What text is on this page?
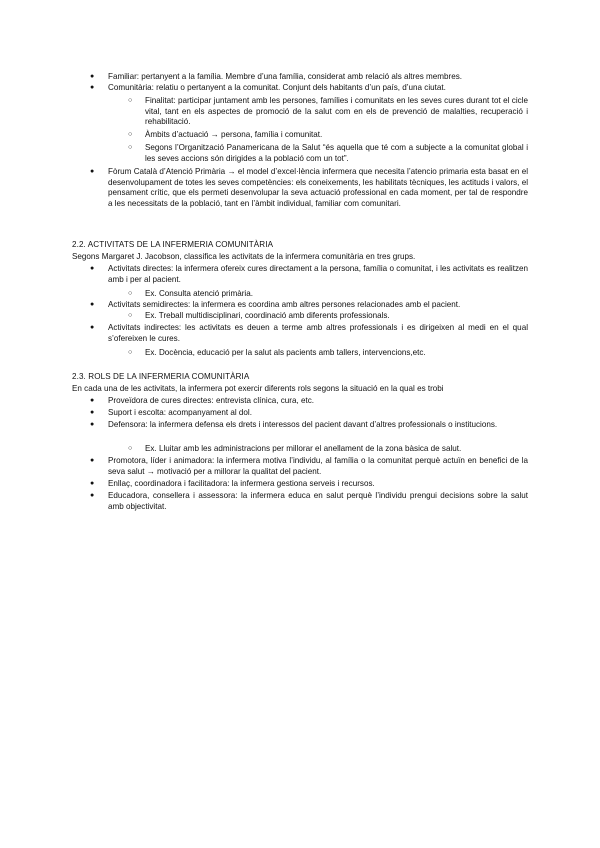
● Familiar: pertanyent a la família. Membre d’una família, considerat amb relació als altres membres.
● Comunitària: relatiu o pertanyent a la comunitat. Conjunt dels habitants d’un país, d’una ciutat.
○ Finalitat: participar juntament amb les persones, famílies i comunitats en les seves cures durant tot el cicle vital, tant en els aspectes de promoció de la salut com en els de prevenció de malalties, recuperació i rehabilitació.
○ Àmbits d’actuació → persona, família i comunitat.
○ Segons l’Organització Panamericana de la Salut “és aquella que té com a subjecte a la comunitat global i les seves accions són dirigides a la població com un tot”.
● Fòrum Català d’Atenció Primària → el model d’excel·lència infermera que necesita l’atencio primaria esta basat en el desenvolupament de totes les seves competències: els coneixements, les habilitats tècniques, les actituds i valors, el pensament crític, que els permeti desenvolupar la seva actuació professional en cada moment, per tal de respondre a les necessitats de la població, tant en l’àmbit individual, familiar com comunitari.
2.2. ACTIVITATS DE LA INFERMERIA COMUNITÀRIA
Segons Margaret J. Jacobson, classifica les activitats de la infermera comunitària en tres grups.
● Activitats directes: la infermera ofereix cures directament a la persona, família o comunitat, i les activitats es realitzen amb i per al pacient.
○ Ex. Consulta atenció primària.
● Activitats semidirectes: la infermera es coordina amb altres persones relacionades amb el pacient.
○ Ex. Treball multidisciplinari, coordinació amb diferents professionals.
● Activitats indirectes: les activitats es deuen a terme amb altres professionals i es dirigeixen al medi en el qual s’ofereixen le cures.
○ Ex. Docència, educació per la salut als pacients amb tallers, intervencions,etc.
2.3. ROLS DE LA INFERMERIA COMUNITÀRIA
En cada una de les activitats, la infermera pot exercir diferents rols segons la situació en la qual es trobi
● Proveïdora de cures directes: entrevista clínica, cura, etc.
● Suport i escolta: acompanyament al dol.
● Defensora: la infermera defensa els drets i interessos del pacient davant d’altres professionals o institucions.
○ Ex. Lluitar amb les administracions per millorar el anellament de la zona bàsica de salut.
● Promotora, líder i animadora: la infermera motiva l’individu, al família o la comunitat perquè actuïn en benefici de la seva salut → motivació per a millorar la qualitat del pacient.
● Enllaç, coordinadora i facilitadora: la infermera gestiona serveis i recursos.
● Educadora, consellera i assessora: la infermera educa en salut perquè l’individu prengui decisions sobre la salut amb objectivitat.
